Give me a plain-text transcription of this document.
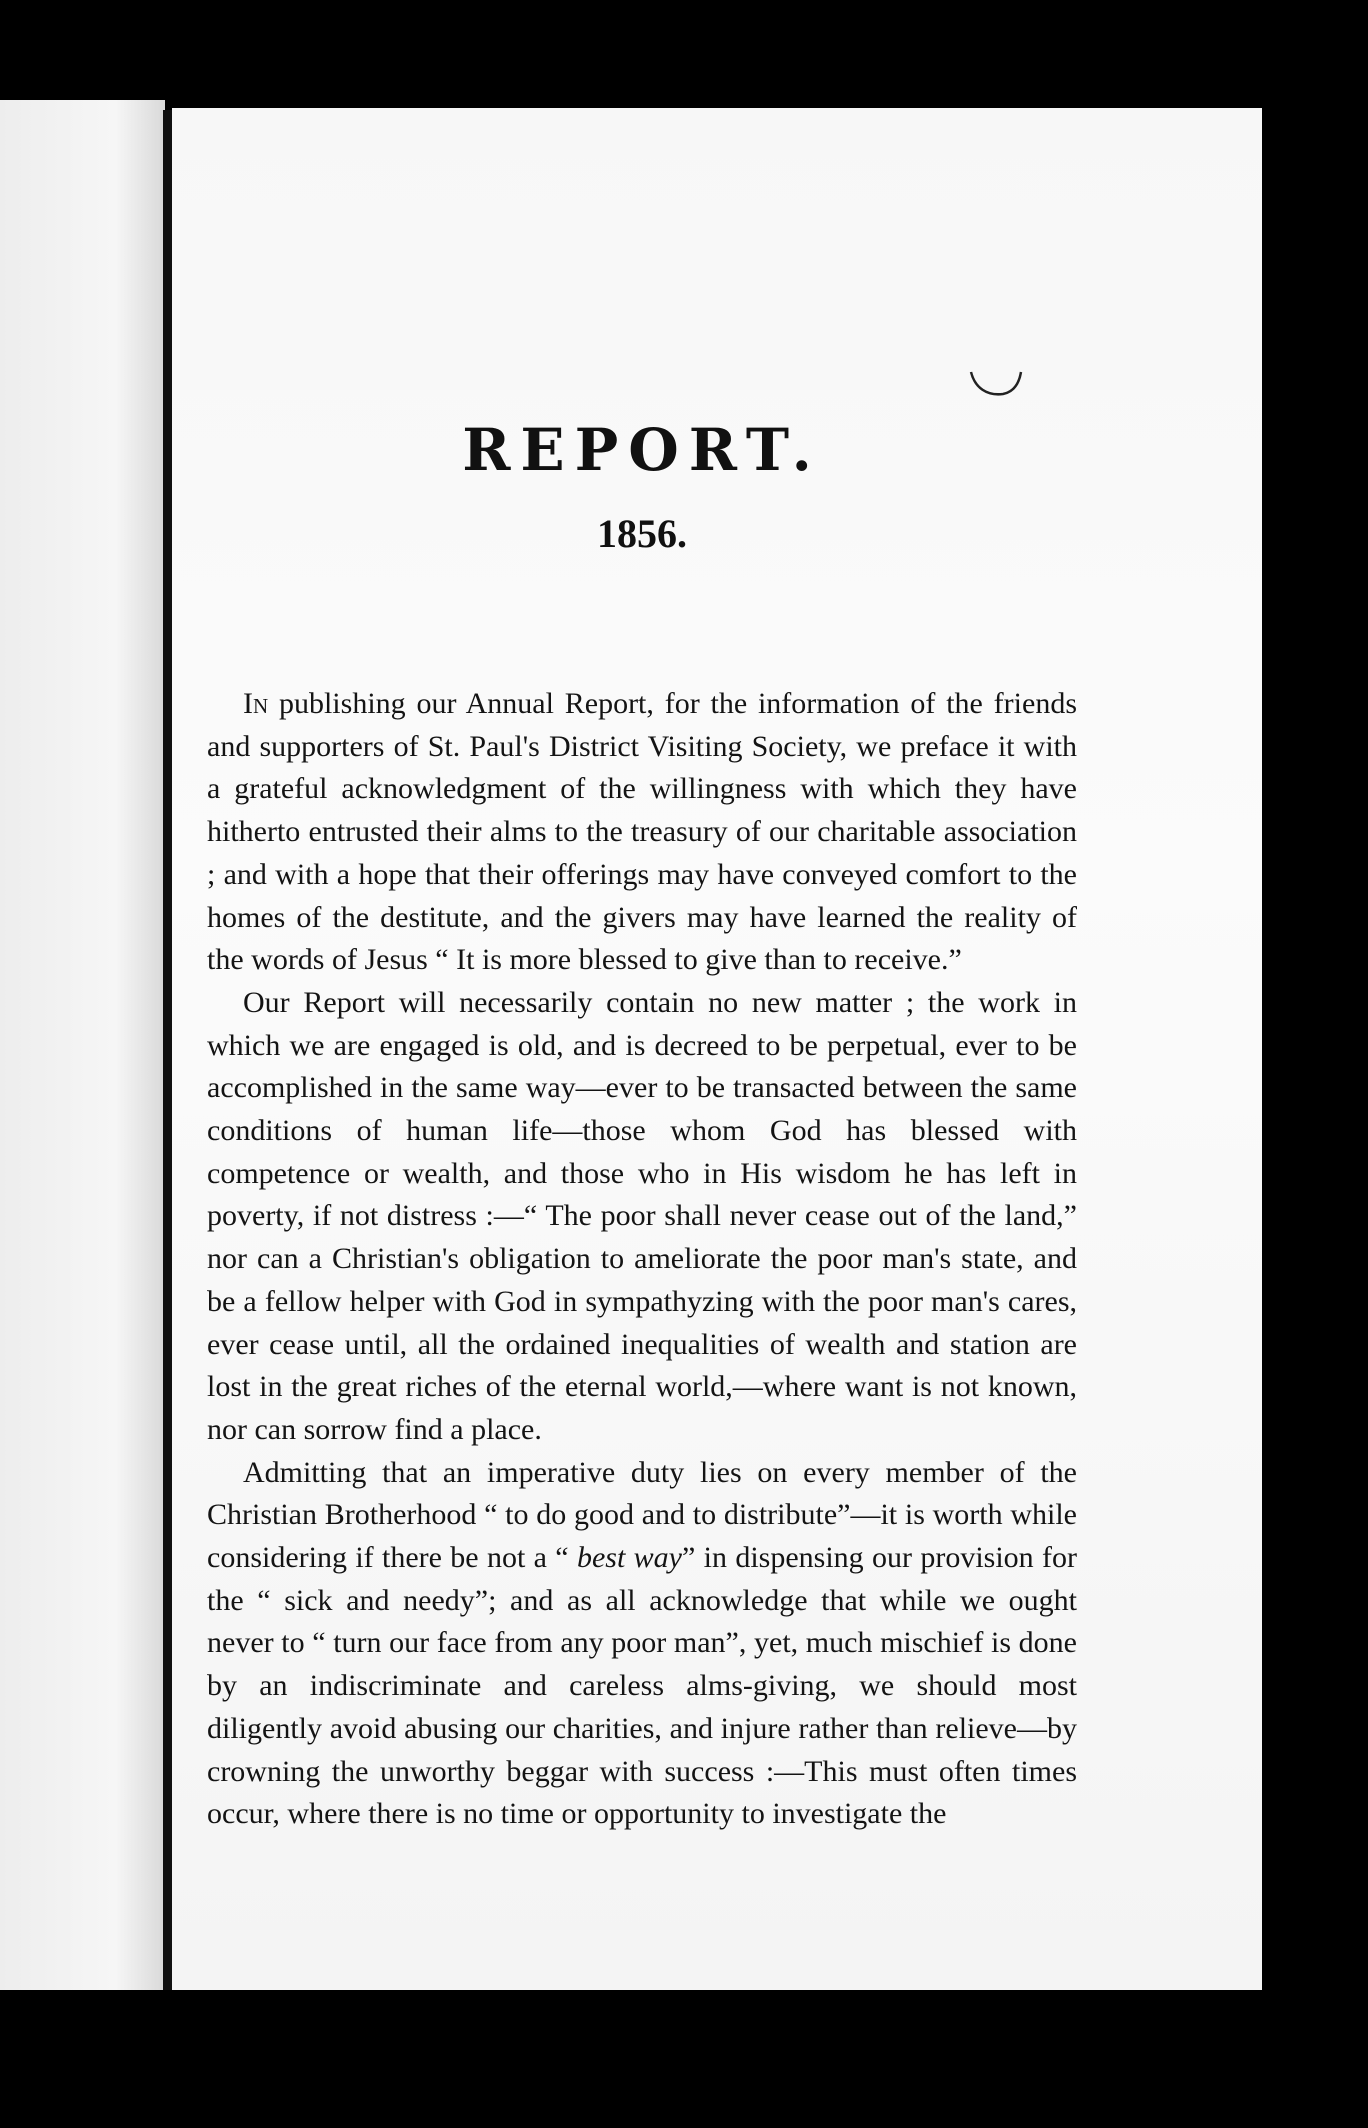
REPORT.
1856.

In publishing our Annual Report, for the information of the friends and supporters of St. Paul's District Visiting Society, we preface it with a grateful acknowledgment of the willingness with which they have hitherto entrusted their alms to the treasury of our charitable association ; and with a hope that their offerings may have conveyed comfort to the homes of the destitute, and the givers may have learned the reality of the words of Jesus “ It is more blessed to give than to receive.”

Our Report will necessarily contain no new matter ; the work in which we are engaged is old, and is decreed to be perpetual, ever to be accomplished in the same way—ever to be transacted between the same conditions of human life—those whom God has blessed with competence or wealth, and those who in His wisdom he has left in poverty, if not distress :—“ The poor shall never cease out of the land,” nor can a Christian's obligation to ameliorate the poor man's state, and be a fellow helper with God in sympathyzing with the poor man's cares, ever cease until, all the ordained inequalities of wealth and station are lost in the great riches of the eternal world,—where want is not known, nor can sorrow find a place.

Admitting that an imperative duty lies on every member of the Christian Brotherhood “ to do good and to distribute”—it is worth while considering if there be not a “ best way” in dispensing our provision for the “ sick and needy”; and as all acknowledge that while we ought never to “ turn our face from any poor man”, yet, much mischief is done by an indiscriminate and careless alms-giving, we should most diligently avoid abusing our charities, and injure rather than relieve—by crowning the unworthy beggar with success :—This must often times occur, where there is no time or opportunity to investigate the
